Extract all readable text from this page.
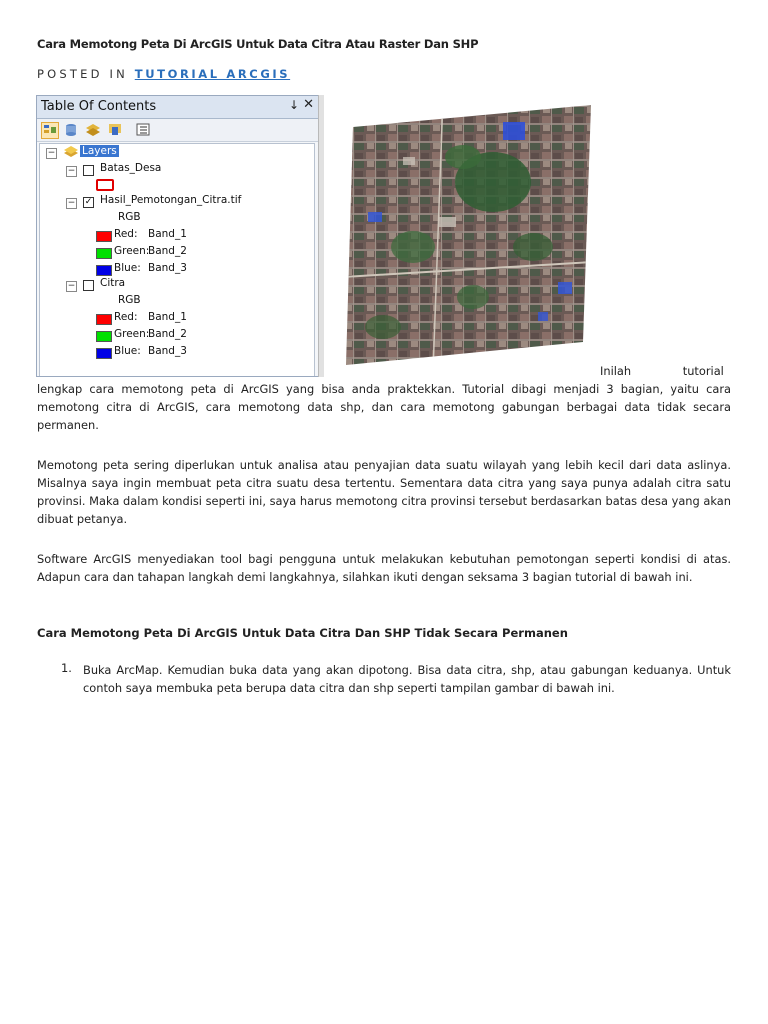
Cara Memotong Peta Di ArcGIS Untuk Data Citra Atau Raster Dan SHP
POSTED IN TUTORIAL ARCGIS
Table Of Contents	↓ ✕
−	Layers
− Batas_Desa
− ✓ Hasil_Pemotongan_Citra.tif
RGB
Red: Band_1
Green:
Band_2
Blue: Band_3
− Citra
RGB
Red: Band_1
Green:
Band_2
Blue: Band_3
Inilah tutorial
lengkap cara memotong peta di ArcGIS yang bisa anda praktekkan. Tutorial dibagi menjadi 3 bagian, yaitu cara memotong citra di ArcGIS, cara memotong data shp, dan cara memotong gabungan berbagai data tidak secara permanen.
Memotong peta sering diperlukan untuk analisa atau penyajian data suatu wilayah yang lebih kecil dari data aslinya. Misalnya saya ingin membuat peta citra suatu desa tertentu. Sementara data citra yang saya punya adalah citra satu provinsi. Maka dalam kondisi seperti ini, saya harus memotong citra provinsi tersebut berdasarkan batas desa yang akan dibuat petanya.
Software ArcGIS menyediakan tool bagi pengguna untuk melakukan kebutuhan pemotongan seperti kondisi di atas. Adapun cara dan tahapan langkah demi langkahnya, silahkan ikuti dengan seksama 3 bagian tutorial di bawah ini.
Cara Memotong Peta Di ArcGIS Untuk Data Citra Dan SHP Tidak Secara Permanen
1. Buka ArcMap. Kemudian buka data yang akan dipotong. Bisa data citra, shp, atau gabungan keduanya. Untuk contoh saya membuka peta berupa data citra dan shp seperti tampilan gambar di bawah ini.
